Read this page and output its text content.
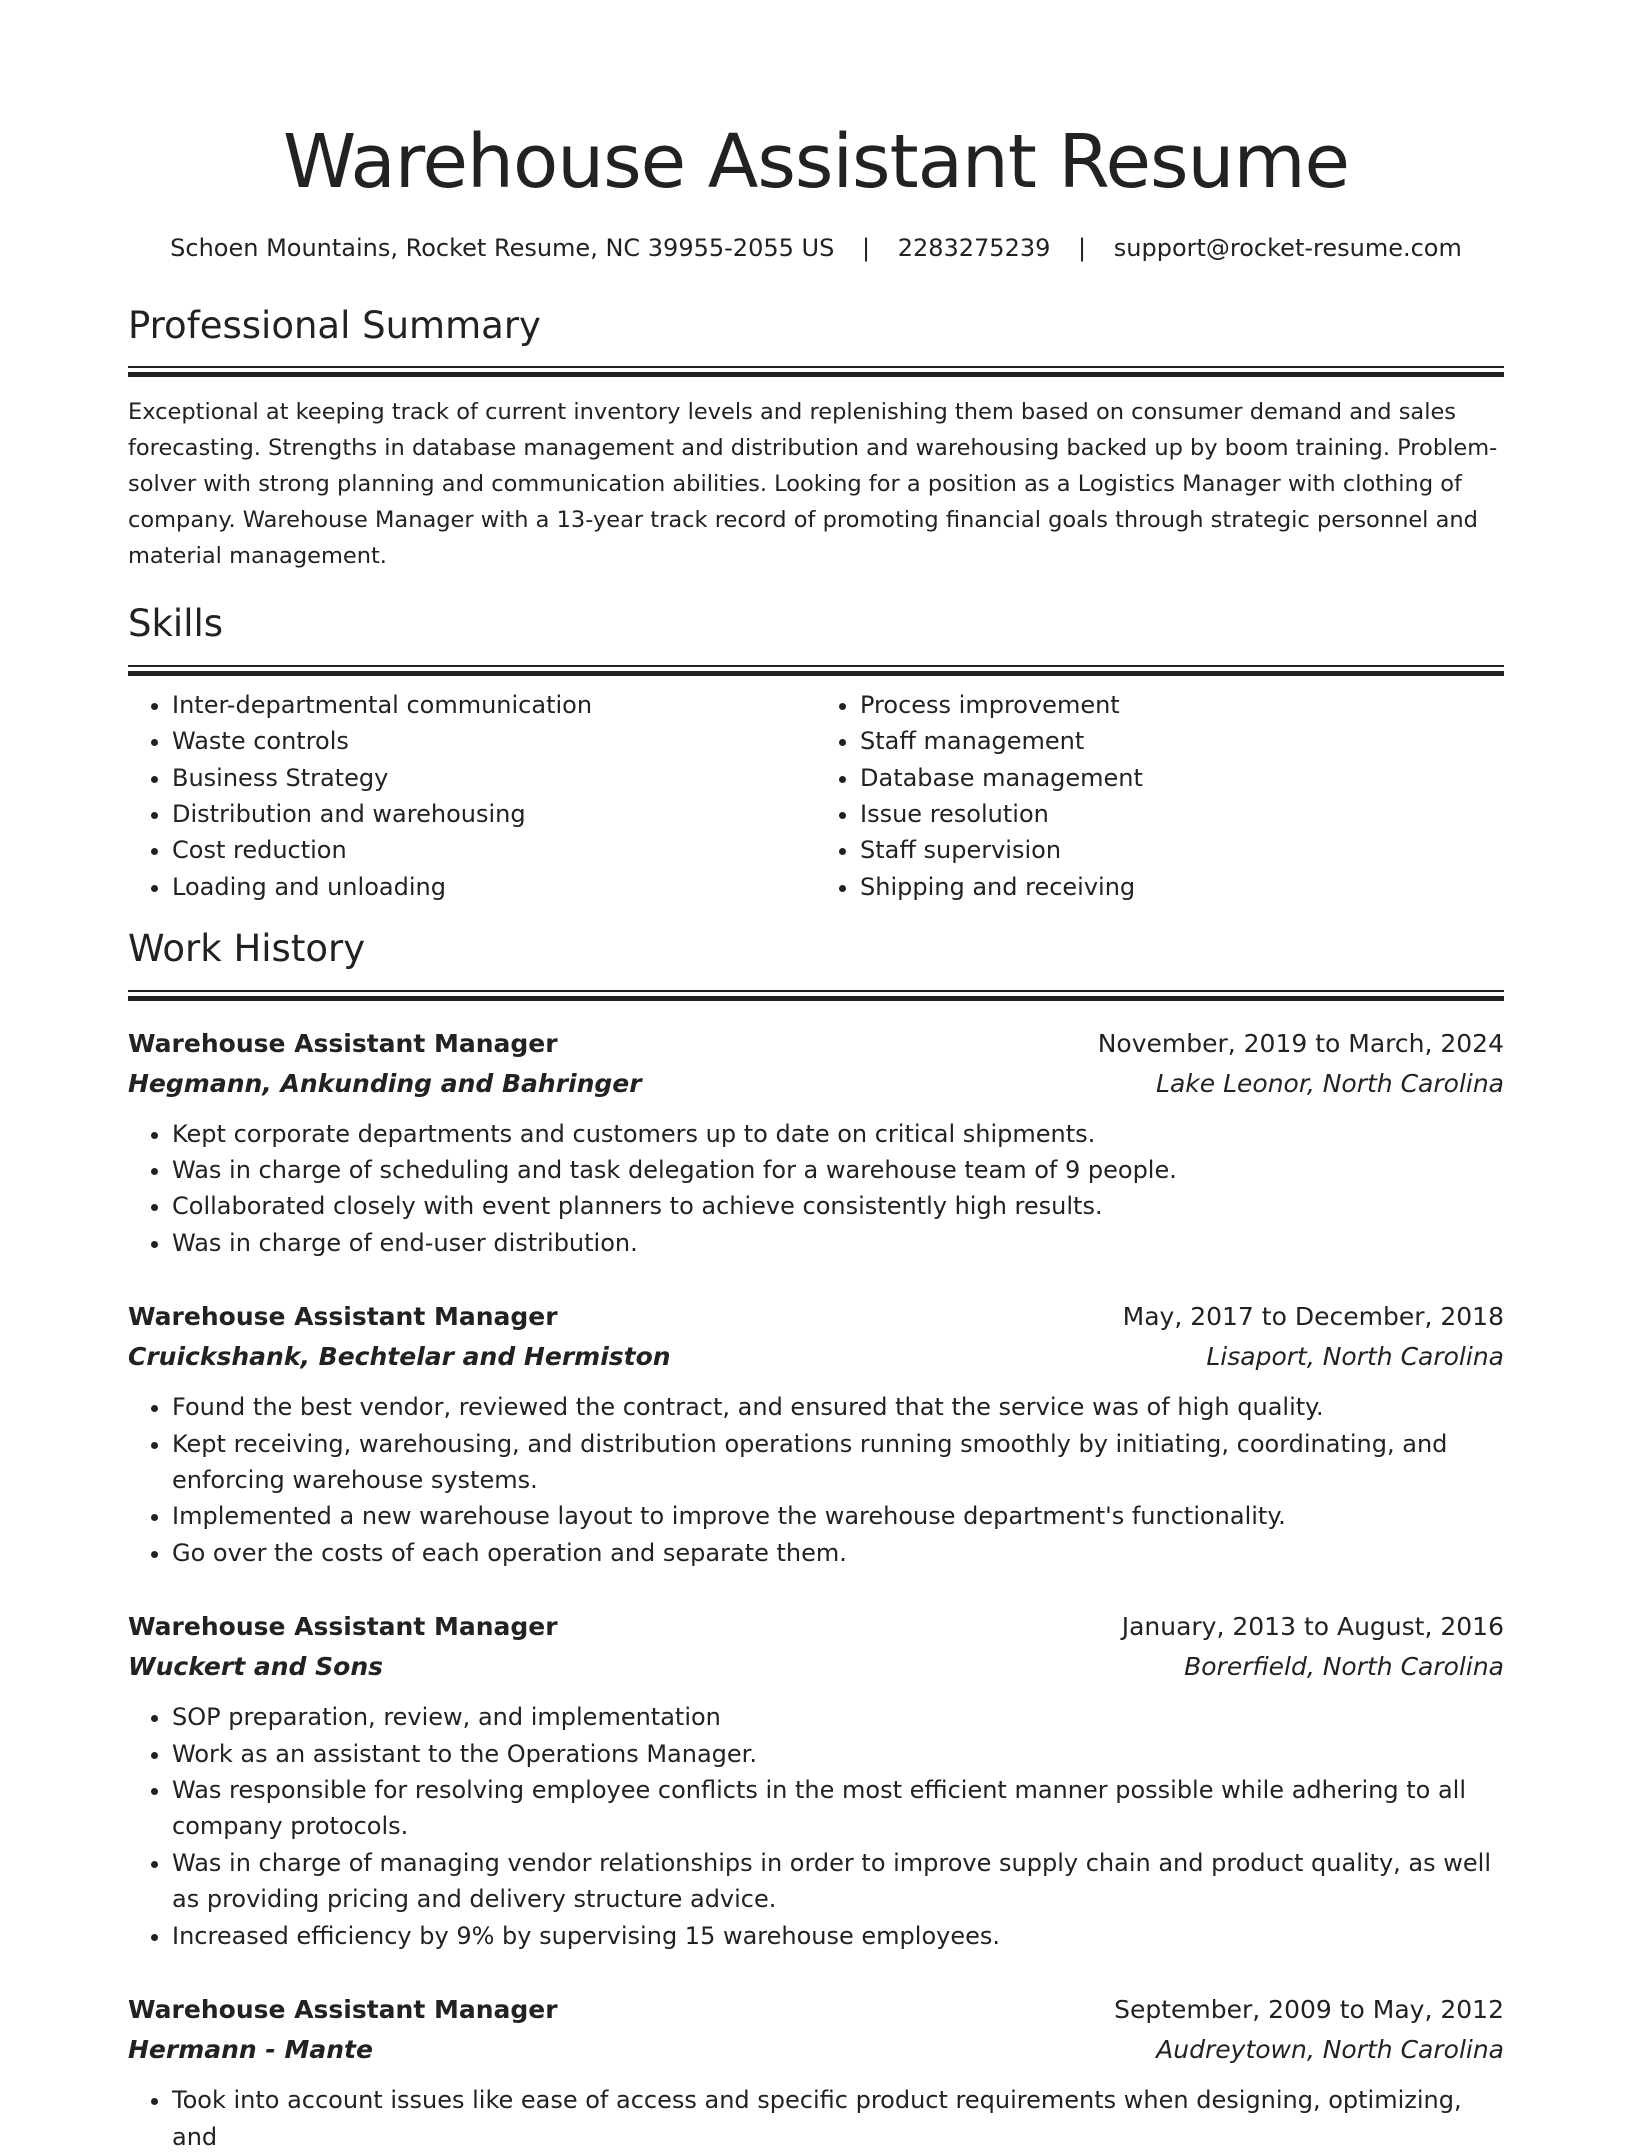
Warehouse Assistant Resume
Schoen Mountains, Rocket Resume, NC 39955-2055 US | 2283275239 | support@rocket-resume.com
Professional Summary

Exceptional at keeping track of current inventory levels and replenishing them based on consumer demand and sales forecasting. Strengths in database management and distribution and warehousing backed up by boom training. Problem-solver with strong planning and communication abilities. Looking for a position as a Logistics Manager with clothing of company. Warehouse Manager with a 13-year track record of promoting financial goals through strategic personnel and material management.

Skills
• Inter-departmental communication
• Waste controls
• Business Strategy
• Distribution and warehousing
• Cost reduction
• Loading and unloading
• Process improvement
• Staff management
• Database management
• Issue resolution
• Staff supervision
• Shipping and receiving
Work History
Warehouse Assistant Manager	November, 2019 to March, 2024
Hegmann, Ankunding and Bahringer	Lake Leonor, North Carolina
• Kept corporate departments and customers up to date on critical shipments.
• Was in charge of scheduling and task delegation for a warehouse team of 9 people.
• Collaborated closely with event planners to achieve consistently high results.
• Was in charge of end-user distribution.
Warehouse Assistant Manager	May, 2017 to December, 2018
Cruickshank, Bechtelar and Hermiston	Lisaport, North Carolina
• Found the best vendor, reviewed the contract, and ensured that the service was of high quality.
• Kept receiving, warehousing, and distribution operations running smoothly by initiating, coordinating, and enforcing warehouse systems.
• Implemented a new warehouse layout to improve the warehouse department's functionality.
• Go over the costs of each operation and separate them.
Warehouse Assistant Manager	January, 2013 to August, 2016
Wuckert and Sons	Borerfield, North Carolina
• SOP preparation, review, and implementation
• Work as an assistant to the Operations Manager.
• Was responsible for resolving employee conflicts in the most efficient manner possible while adhering to all company protocols.
• Was in charge of managing vendor relationships in order to improve supply chain and product quality, as well as providing pricing and delivery structure advice.
• Increased efficiency by 9% by supervising 15 warehouse employees.
Warehouse Assistant Manager	September, 2009 to May, 2012
Hermann - Mante	Audreytown, North Carolina
• Took into account issues like ease of access and specific product requirements when designing, optimizing, and
